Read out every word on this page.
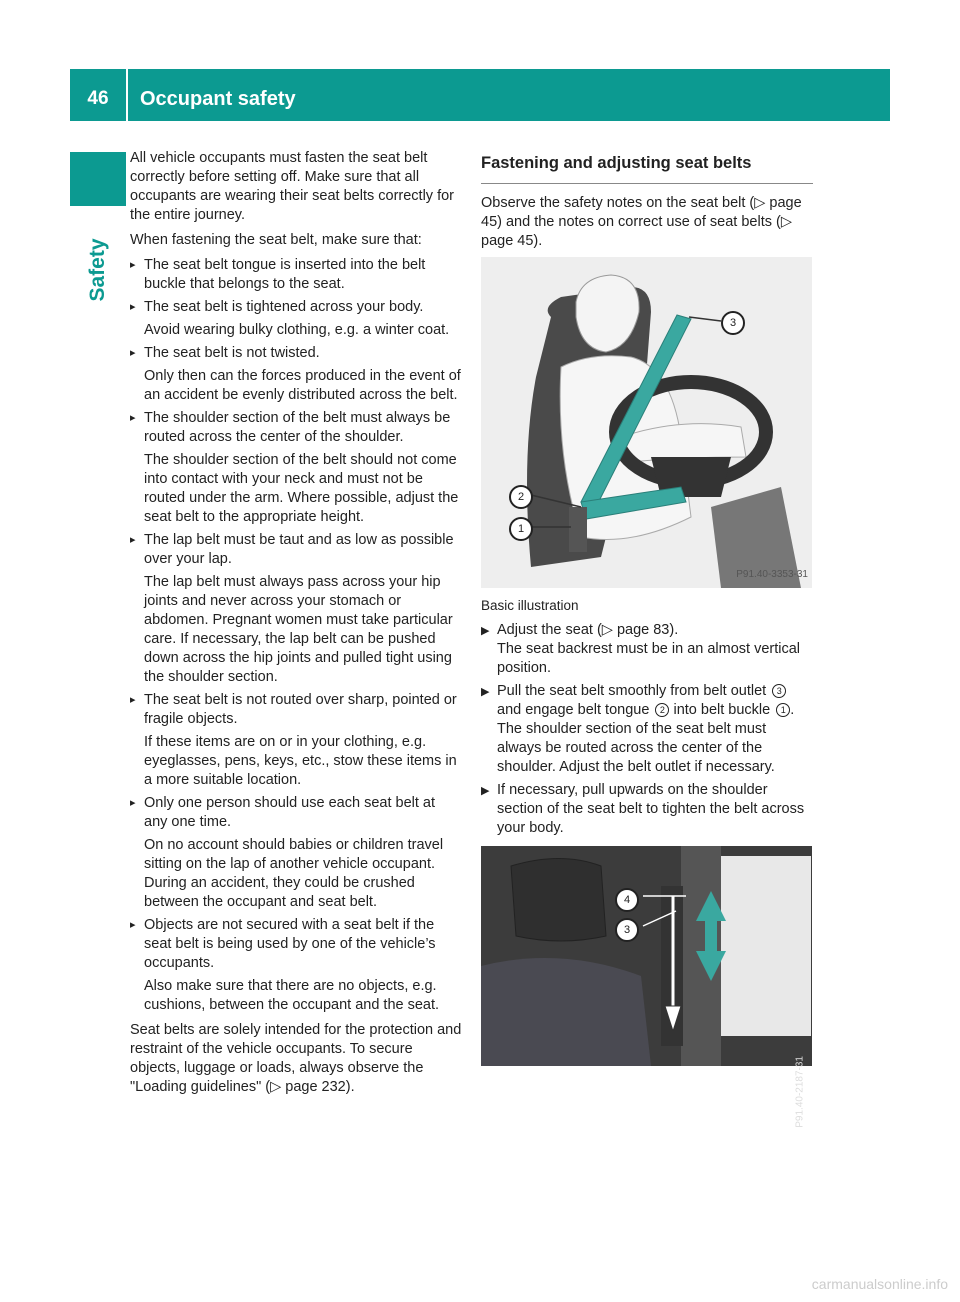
46	Occupant safety
Safety

All vehicle occupants must fasten the seat belt correctly before setting off. Make sure that all occupants are wearing their seat belts correctly for the entire journey.

When fastening the seat belt, make sure that:

▸ The seat belt tongue is inserted into the belt buckle that belongs to the seat.
▸ The seat belt is tightened across your body.
Avoid wearing bulky clothing, e.g. a winter coat.
▸ The seat belt is not twisted.
Only then can the forces produced in the event of an accident be evenly distributed across the belt.
▸ The shoulder section of the belt must always be routed across the center of the shoulder.
The shoulder section of the belt should not come into contact with your neck and must not be routed under the arm. Where possible, adjust the seat belt to the appropriate height.
▸ The lap belt must be taut and as low as possible over your lap.
The lap belt must always pass across your hip joints and never across your stomach or abdomen. Pregnant women must take particular care. If necessary, the lap belt can be pushed down across the hip joints and pulled tight using the shoulder section.
▸ The seat belt is not routed over sharp, pointed or fragile objects.
If these items are on or in your clothing, e.g. eyeglasses, pens, keys, etc., stow these items in a more suitable location.
▸ Only one person should use each seat belt at any one time.
On no account should babies or children travel sitting on the lap of another vehicle occupant. During an accident, they could be crushed between the occupant and seat belt.
▸ Objects are not secured with a seat belt if the seat belt is being used by one of the vehicle’s occupants.
Also make sure that there are no objects, e.g. cushions, between the occupant and the seat.

Seat belts are solely intended for the protection and restraint of the vehicle occupants. To secure objects, luggage or loads, always observe the "Loading guidelines" (▷ page 232).

Fastening and adjusting seat belts

Observe the safety notes on the seat belt (▷ page 45) and the notes on correct use of seat belts (▷ page 45).

3
2
1
P91.40-3353-31
Basic illustration
▶ Adjust the seat (▷ page 83).
The seat backrest must be in an almost vertical position.
▶ Pull the seat belt smoothly from belt outlet 3 and engage belt tongue 2 into belt buckle 1 .
The shoulder section of the seat belt must always be routed across the center of the shoulder. Adjust the belt outlet if necessary.
▶ If necessary, pull upwards on the shoulder section of the seat belt to tighten the belt across your body.
4
3
P91.40-2187-31
carmanualsonline.info
